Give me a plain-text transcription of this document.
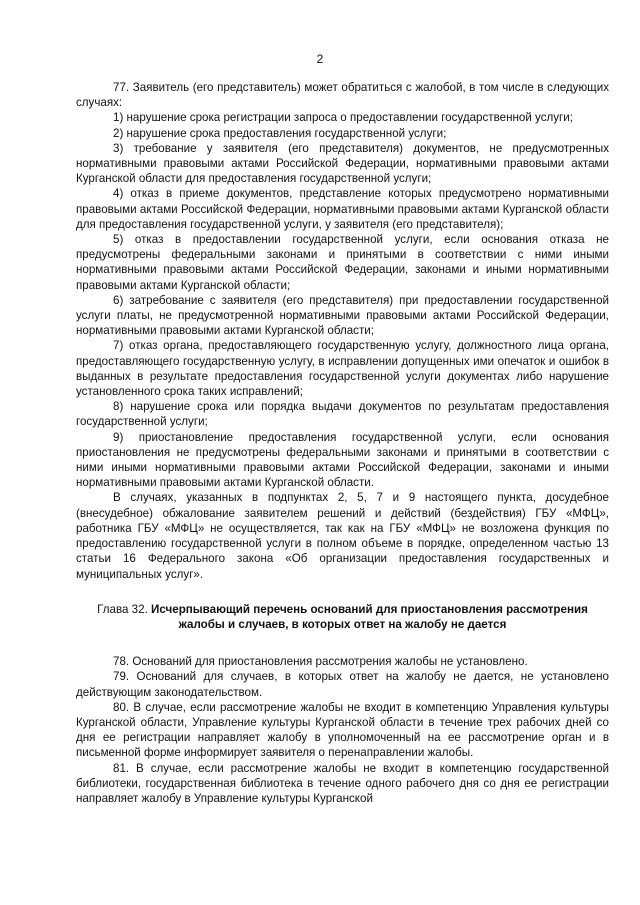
2

77. Заявитель (его представитель) может обратиться с жалобой, в том числе в следующих случаях:

1) нарушение срока регистрации запроса о предоставлении государственной услуги;

2) нарушение срока предоставления государственной услуги;

3) требование у заявителя (его представителя) документов, не предусмотренных нормативными правовыми актами Российской Федерации, нормативными правовыми актами Курганской области для предоставления государственной услуги;

4) отказ в приеме документов, представление которых предусмотрено нормативными правовыми актами Российской Федерации, нормативными правовыми актами Курганской области для предоставления государственной услуги, у заявителя (его представителя);

5) отказ в предоставлении государственной услуги, если основания отказа не предусмотрены федеральными законами и принятыми в соответствии с ними иными нормативными правовыми актами Российской Федерации, законами и иными нормативными правовыми актами Курганской области;

6) затребование с заявителя (его представителя) при предоставлении государственной услуги платы, не предусмотренной нормативными правовыми актами Российской Федерации, нормативными правовыми актами Курганской области;

7) отказ органа, предоставляющего государственную услугу, должностного лица органа, предоставляющего государственную услугу, в исправлении допущенных ими опечаток и ошибок в выданных в результате предоставления государственной услуги документах либо нарушение установленного срока таких исправлений;

8) нарушение срока или порядка выдачи документов по результатам предоставления государственной услуги;

9) приостановление предоставления государственной услуги, если основания приостановления не предусмотрены федеральными законами и принятыми в соответствии с ними иными нормативными правовыми актами Российской Федерации, законами и иными нормативными правовыми актами Курганской области.

В случаях, указанных в подпунктах 2, 5, 7 и 9 настоящего пункта, досудебное (внесудебное) обжалование заявителем решений и действий (бездействия) ГБУ «МФЦ», работника ГБУ «МФЦ» не осуществляется, так как на ГБУ «МФЦ» не возложена функция по предоставлению государственной услуги в полном объеме в порядке, определенном частью 13 статьи 16 Федерального закона «Об организации предоставления государственных и муниципальных услуг».

Глава 32. Исчерпывающий перечень оснований для приостановления рассмотрения жалобы и случаев, в которых ответ на жалобу не дается

78. Оснований для приостановления рассмотрения жалобы не установлено.

79. Оснований для случаев, в которых ответ на жалобу не дается, не установлено действующим законодательством.

80. В случае, если рассмотрение жалобы не входит в компетенцию Управления культуры Курганской области, Управление культуры Курганской области в течение трех рабочих дней со дня ее регистрации направляет жалобу в уполномоченный на ее рассмотрение орган и в письменной форме информирует заявителя о перенаправлении жалобы.

81. В случае, если рассмотрение жалобы не входит в компетенцию государственной библиотеки, государственная библиотека в течение одного рабочего дня со дня ее регистрации направляет жалобу в Управление культуры Курганской
